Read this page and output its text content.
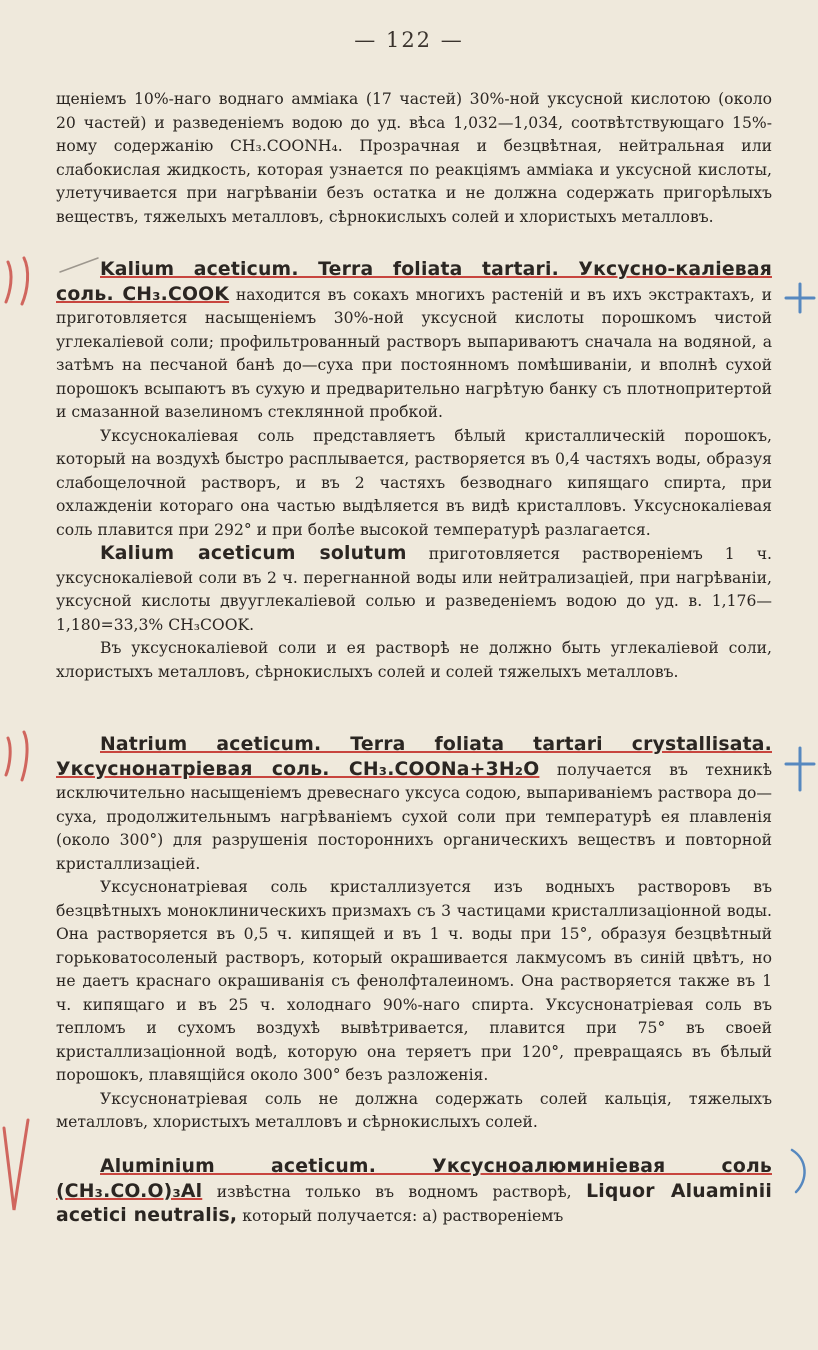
— 122 —

щеніемъ 10%-наго воднаго аммiака (17 частей) 30%-ной уксусной кислотою (около 20 частей) и разведеніемъ водою до уд. вѣса 1,032—1,034, соотвѣтствующаго 15%-ному содержанію CH₃.COONH₄. Прозрачная и безцвѣтная, нейтральная или слабокислая жидкость, которая узнается по реакціямъ амміака и уксусной кислоты, улетучивается при нагрѣваніи безъ остатка и не должна содержать пригорѣлыхъ веществъ, тяжелыхъ металловъ, сѣрнокислыхъ солей и хлористыхъ металловъ.

Kalium aceticum. Terra foliata tartari. Уксусно-каліевая соль. CH₃.COOK находится въ сокахъ многихъ растеній и въ ихъ экстрактахъ, и приготовляется насыщеніемъ 30%-ной уксусной кислоты порошкомъ чистой углекаліевой соли; профильтрованный растворъ выпариваютъ сначала на водяной, а затѣмъ на песчаной банѣ до—суха при постоянномъ помѣшиваніи, и вполнѣ сухой порошокъ всыпаютъ въ сухую и предварительно нагрѣтую банку съ плотнопритертой и смазанной вазелиномъ стеклянной пробкой.

Уксуснокаліевая соль представляетъ бѣлый кристаллическій порошокъ, который на воздухѣ быстро расплывается, растворяется въ 0,4 частяхъ воды, образуя слабощелочной растворъ, и въ 2 частяхъ безводнаго кипящаго спирта, при охлажденіи котораго она частью выдѣляется въ видѣ кристалловъ. Уксуснокаліевая соль плавится при 292° и при болѣе высокой температурѣ разлагается.

Kalium aceticum solutum приготовляется раствореніемъ 1 ч. уксуснокаліевой соли въ 2 ч. перегнанной воды или нейтрализаціей, при нагрѣваніи, уксусной кислоты двууглекаліевой солью и разведеніемъ водою до уд. в. 1,176—1,180=33,3% CH₃COOK.

Въ уксуснокаліевой соли и ея растворѣ не должно быть углекаліевой соли, хлористыхъ металловъ, сѣрнокислыхъ солей и солей тяжелыхъ металловъ.

Natrium aceticum. Terra foliata tartari crystallisata. Уксуснонатріевая соль. CH₃.COONa+3H₂O получается въ техникѣ исключительно насыщеніемъ древеснаго уксуса содою, выпариваніемъ раствора до—суха, продолжительнымъ нагрѣваніемъ сухой соли при температурѣ ея плавленія (около 300°) для разрушенія постороннихъ органическихъ веществъ и повторной кристаллизаціей.

Уксуснонатріевая соль кристаллизуется изъ водныхъ растворовъ въ безцвѣтныхъ моноклиническихъ призмахъ съ 3 частицами кристаллизаціонной воды. Она растворяется въ 0,5 ч. кипящей и въ 1 ч. воды при 15°, образуя безцвѣтный горьковатосоленый растворъ, который окрашивается лакмусомъ въ синій цвѣтъ, но не даетъ краснаго окрашиванія съ фенолфталеиномъ. Она растворяется также въ 1 ч. кипящаго и въ 25 ч. холоднаго 90%-наго спирта. Уксуснонатріевая соль въ тепломъ и сухомъ воздухѣ вывѣтривается, плавится при 75° въ своей кристаллизаціонной водѣ, которую она теряетъ при 120°, превращаясь въ бѣлый порошокъ, плавящійся около 300° безъ разложенія.

Уксуснонатріевая соль не должна содержать солей кальція, тяжелыхъ металловъ, хлористыхъ металловъ и сѣрнокислыхъ солей.

Aluminium aceticum. Уксусноалюминіевая соль (CH₃.CO.O)₃Al извѣстна только въ водномъ растворѣ, Liquor Aluaminii acetici neutralis, который получается: а) раствореніемъ
